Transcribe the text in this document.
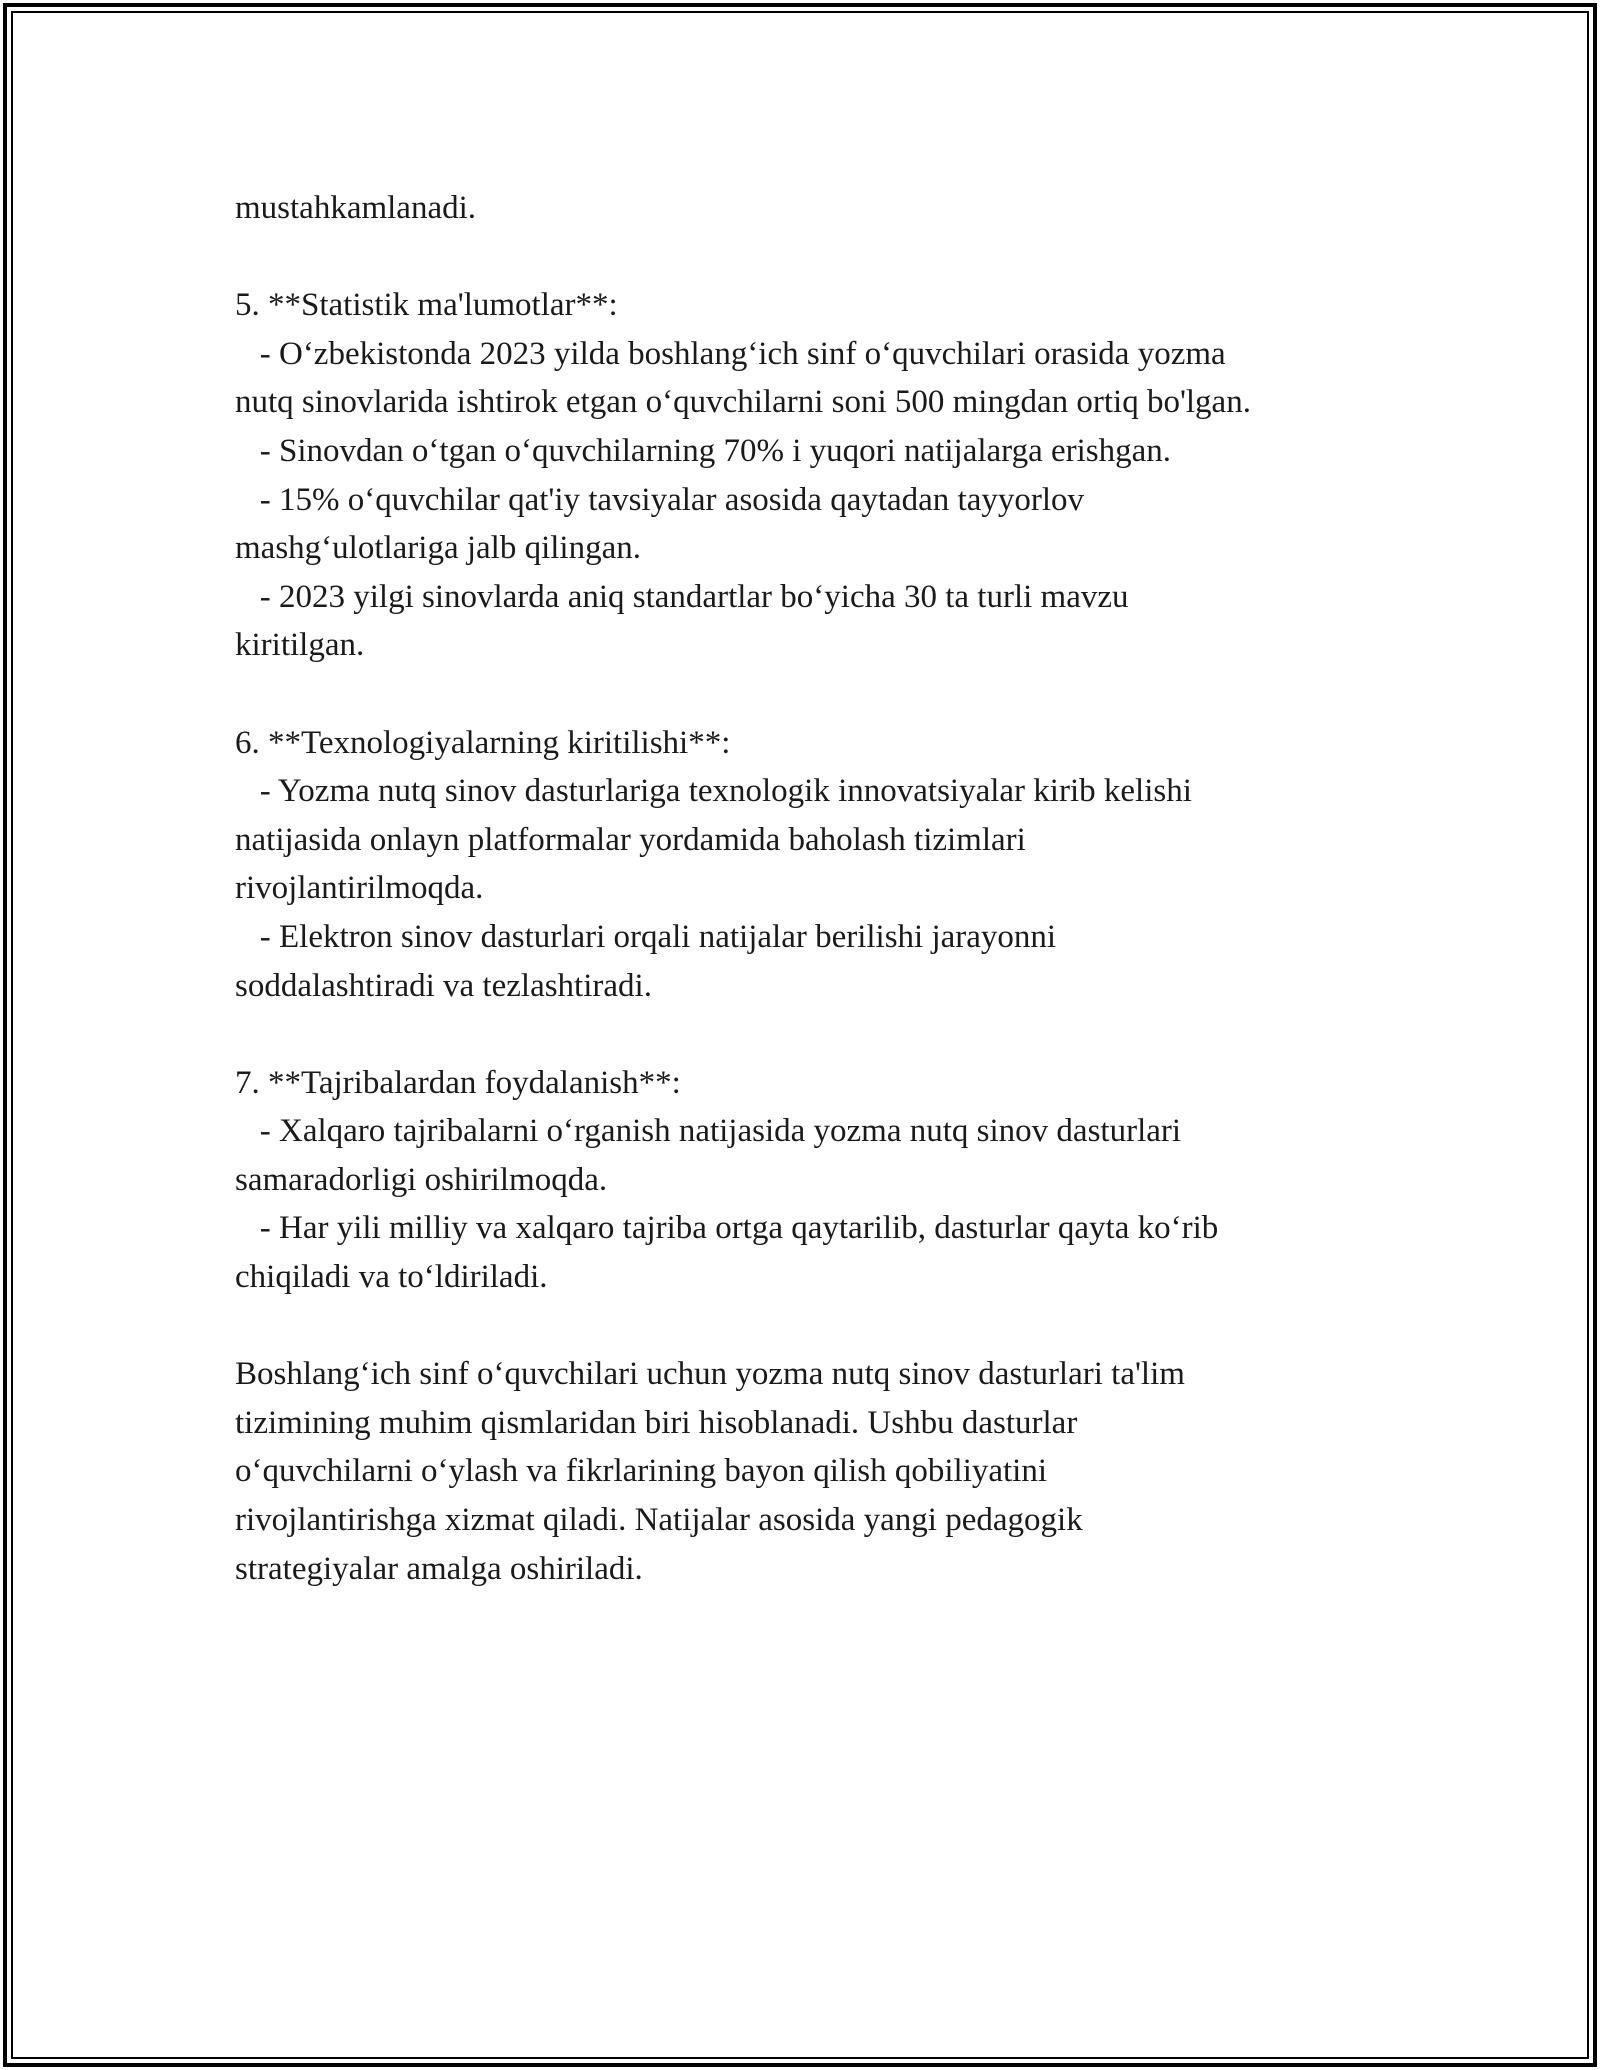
mustahkamlanadi.
5. **Statistik ma'lumotlar**:
- O‘zbekistonda 2023 yilda boshlang‘ich sinf o‘quvchilari orasida yozma
nutq sinovlarida ishtirok etgan o‘quvchilarni soni 500 mingdan ortiq bo'lgan.
- Sinovdan o‘tgan o‘quvchilarning 70% i yuqori natijalarga erishgan.
- 15% o‘quvchilar qat'iy tavsiyalar asosida qaytadan tayyorlov
mashg‘ulotlariga jalb qilingan.
- 2023 yilgi sinovlarda aniq standartlar bo‘yicha 30 ta turli mavzu
kiritilgan.
6. **Texnologiyalarning kiritilishi**:
- Yozma nutq sinov dasturlariga texnologik innovatsiyalar kirib kelishi
natijasida onlayn platformalar yordamida baholash tizimlari
rivojlantirilmoqda.
- Elektron sinov dasturlari orqali natijalar berilishi jarayonni
soddalashtiradi va tezlashtiradi.
7. **Tajribalardan foydalanish**:
- Xalqaro tajribalarni o‘rganish natijasida yozma nutq sinov dasturlari
samaradorligi oshirilmoqda.
- Har yili milliy va xalqaro tajriba ortga qaytarilib, dasturlar qayta ko‘rib
chiqiladi va to‘ldiriladi.
Boshlang‘ich sinf o‘quvchilari uchun yozma nutq sinov dasturlari ta'lim
tizimining muhim qismlaridan biri hisoblanadi. Ushbu dasturlar
o‘quvchilarni o‘ylash va fikrlarining bayon qilish qobiliyatini
rivojlantirishga xizmat qiladi. Natijalar asosida yangi pedagogik
strategiyalar amalga oshiriladi.
